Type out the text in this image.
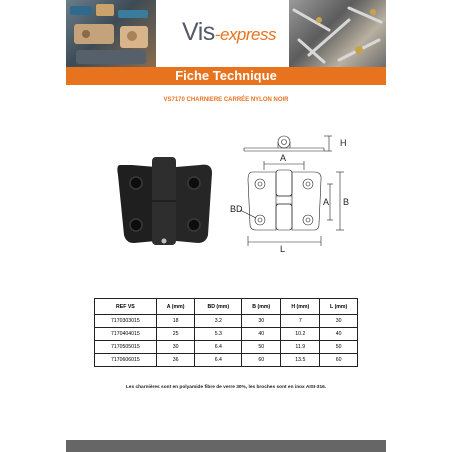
Vis-express
Fiche Technique
VS7170 CHARNIERE CARRÉE NYLON NOIR
H
A
A B
BD
L
REF VS	A (mm)	BD (mm)	B (mm)	H (mm)	L (mm)
7170303015	18	3.2	30	7	30
7170404015	25	5.3	40	10.2	40
7170505015	30	6.4	50	11.9	50
7170606015	36	6.4	60	13.5	60
Les charnières sont en polyamide fibre de verre 30%, les broches sont en inox AISI-316.
